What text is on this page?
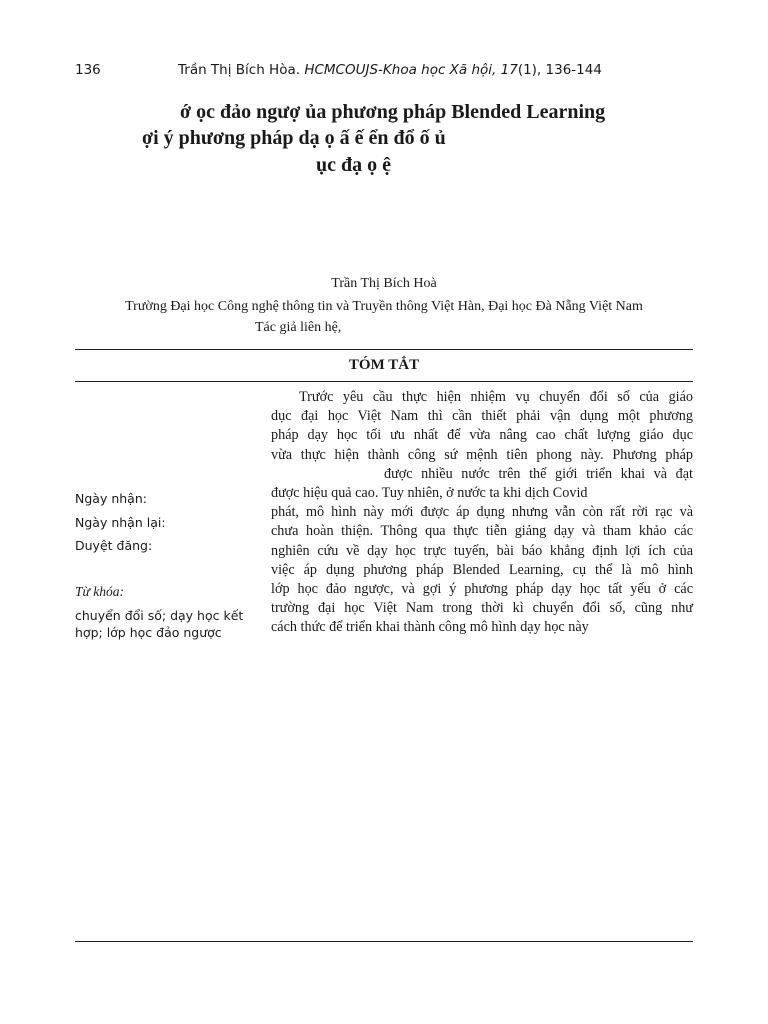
136	Trần Thị Bích Hòa. HCMCOUJS-Khoa học Xã hội, 17(1), 136-144
ớ ọc đảo ngượ ủa phương pháp Blended Learning
ợi ý phương pháp dạ ọ ấ ế ển đổ ố ủ
ục đạ ọ ệ
Trần Thị Bích Hoà
Trường Đại học Công nghệ thông tin và Truyền thông Việt Hàn, Đại học Đà Nẵng Việt Nam
Tác giả liên hệ,
TÓM TẮT
Ngày nhận:
Ngày nhận lại:
Duyệt đăng:
Từ khóa:
chuyển đổi số; dạy học kết hợp; lớp học đảo ngược
Trước yêu cầu thực hiện nhiệm vụ chuyển đổi số của giáo
dục đại học Việt Nam thì cần thiết phải vận dụng một phương
pháp dạy học tối ưu nhất để vừa nâng cao chất lượng giáo dục
vừa thực hiện thành công sứ mệnh tiên phong này. Phương pháp
được nhiều nước trên thế giới triển khai và đạt
được hiệu quả cao. Tuy nhiên, ở nước ta khi dịch Covid
phát, mô hình này mới được áp dụng nhưng vẫn còn rất rời rạc và
chưa hoàn thiện. Thông qua thực tiễn giảng dạy và tham khảo các
nghiên cứu về dạy học trực tuyến, bài báo khẳng định lợi ích của
việc áp dụng phương pháp Blended Learning, cụ thể là mô hình
lớp học đảo ngược, và gợi ý phương pháp dạy học tất yếu ở các
trường đại học Việt Nam trong thời kì chuyển đổi số, cũng như
cách thức để triển khai thành công mô hình dạy học này
